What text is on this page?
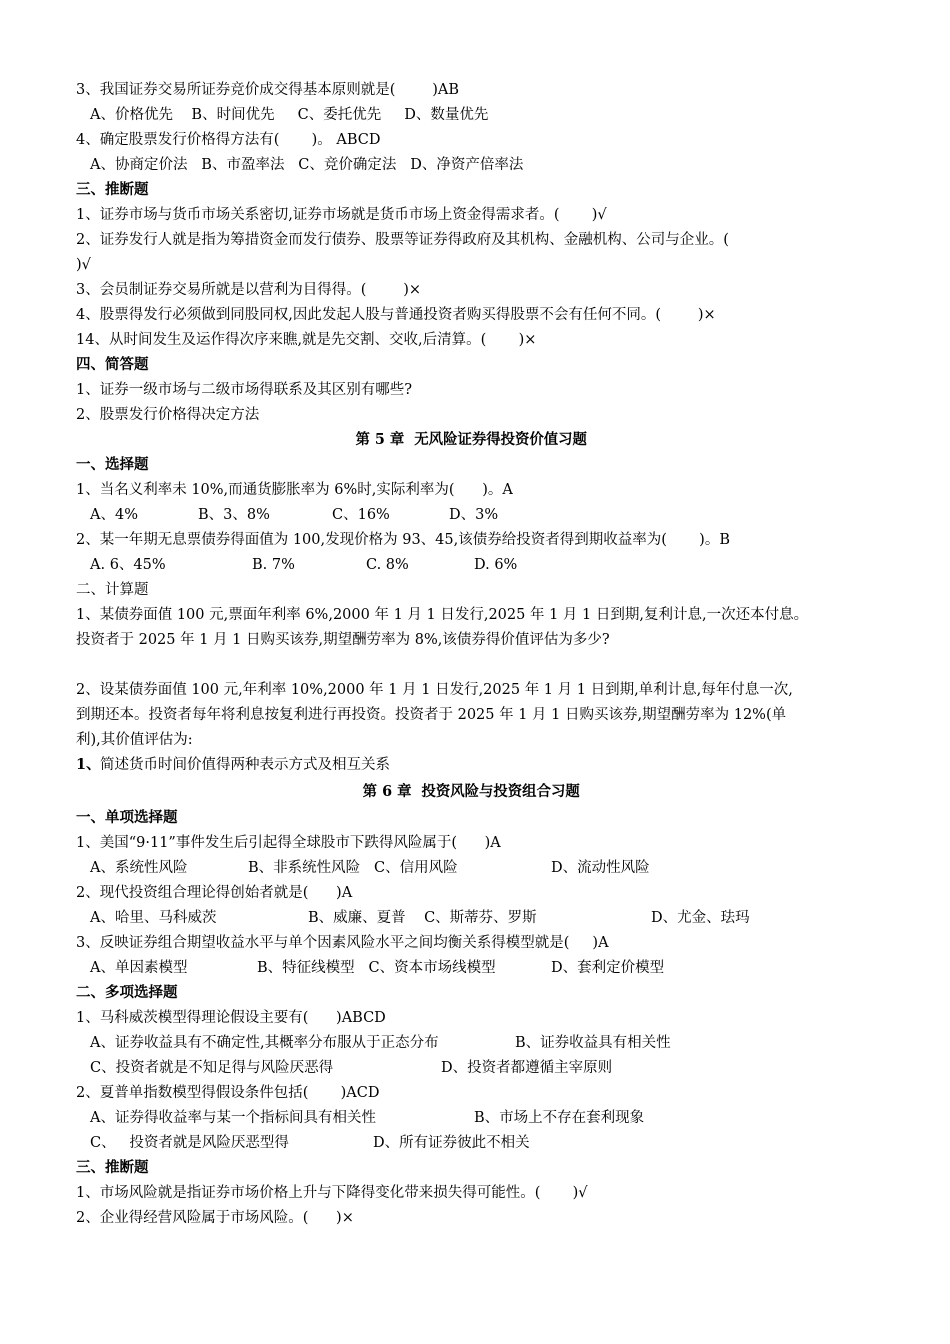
3、我国证券交易所证券竞价成交得基本原则就是(        )AB
A、价格优先    B、时间优先     C、委托优先     D、数量优先
4、确定股票发行价格得方法有(       )。 ABCD
A、协商定价法   B、市盈率法   C、竞价确定法   D、净资产倍率法
三、推断题
1、证券市场与货币市场关系密切,证券市场就是货币市场上资金得需求者。(       )√
2、证券发行人就是指为筹措资金而发行债券、股票等证券得政府及其机构、金融机构、公司与企业。(
)√
3、会员制证券交易所就是以营利为目得得。(        )×
4、股票得发行必须做到同股同权,因此发起人股与普通投资者购买得股票不会有任何不同。(        )×
14、从时间发生及运作得次序来瞧,就是先交割、交收,后清算。(       )×
四、简答题
1、证券一级市场与二级市场得联系及其区别有哪些?
2、股票发行价格得决定方法
第 5 章  无风险证券得投资价值习题
一、选择题
1、当名义利率未 10%,而通货膨胀率为 6%时,实际利率为(      )。A
A、4%	B、3、8%	C、16%	D、3%
2、某一年期无息票债券得面值为 100,发现价格为 93、45,该债券给投资者得到期收益率为(       )。B
A. 6、45%	B. 7%	C. 8%	D. 6%
二、计算题
1、某债券面值 100 元,票面年利率 6%,2000 年 1 月 1 日发行,2025 年 1 月 1 日到期,复利计息,一次还本付息。
投资者于 2025 年 1 月 1 日购买该券,期望酬劳率为 8%,该债券得价值评估为多少?
2、设某债券面值 100 元,年利率 10%,2000 年 1 月 1 日发行,2025 年 1 月 1 日到期,单利计息,每年付息一次,
到期还本。投资者每年将利息按复利进行再投资。投资者于 2025 年 1 月 1 日购买该券,期望酬劳率为 12%(单
利),其价值评估为:
1、 简述货币时间价值得两种表示方式及相互关系
第 6 章  投资风险与投资组合习题
一、单项选择题
1、美国“9·11”事件发生后引起得全球股市下跌得风险属于(      )A
A、系统性风险	B、非系统性风险   C、信用风险	D、流动性风险
2、现代投资组合理论得创始者就是(      )A
A、哈里、马科威茨	B、威廉、夏普    C、斯蒂芬、罗斯	D、尤金、珐玛
3、反映证券组合期望收益水平与单个因素风险水平之间均衡关系得模型就是(     )A
A、单因素模型	B、特征线模型   C、资本市场线模型	D、套利定价模型
二、多项选择题
1、马科威茨模型得理论假设主要有(      )ABCD
A、证券收益具有不确定性,其概率分布服从于正态分布	B、证券收益具有相关性
C、投资者就是不知足得与风险厌恶得	D、投资者都遵循主宰原则
2、夏普单指数模型得假设条件包括(       )ACD
A、证券得收益率与某一个指标间具有相关性	B、市场上不存在套利现象
C、   投资者就是风险厌恶型得	D、所有证券彼此不相关
三、推断题
1、市场风险就是指证券市场价格上升与下降得变化带来损失得可能性。(       )√
2、企业得经营风险属于市场风险。(      )×
